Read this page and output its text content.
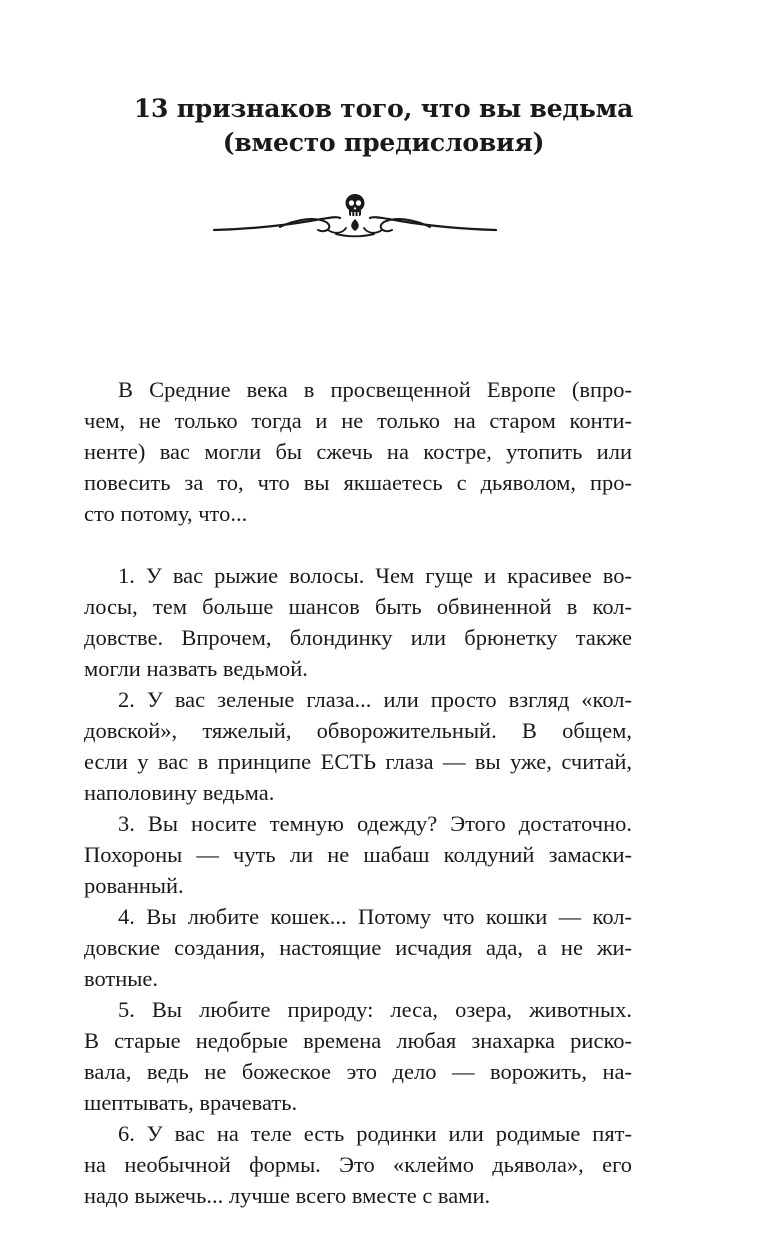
13 признаков того, что вы ведьма
(вместо предисловия)
В Средние века в просвещенной Европе (впро-
чем, не только тогда и не только на старом конти-
ненте) вас могли бы сжечь на костре, утопить или
повесить за то, что вы якшаетесь с дьяволом, про-
сто потому, что...
1. У вас рыжие волосы. Чем гуще и красивее во-
лосы, тем больше шансов быть обвиненной в кол-
довстве. Впрочем, блондинку или брюнетку также
могли назвать ведьмой.
2. У вас зеленые глаза... или просто взгляд «кол-
довской», тяжелый, обворожительный. В общем,
если у вас в принципе ЕСТЬ глаза — вы уже, считай,
наполовину ведьма.
3. Вы носите темную одежду? Этого достаточно.
Похороны — чуть ли не шабаш колдуний замаски-
рованный.
4. Вы любите кошек... Потому что кошки — кол-
довские создания, настоящие исчадия ада, а не жи-
вотные.
5. Вы любите природу: леса, озера, животных.
В старые недобрые времена любая знахарка риско-
вала, ведь не божеское это дело — ворожить, на-
шептывать, врачевать.
6. У вас на теле есть родинки или родимые пят-
на необычной формы. Это «клеймо дьявола», его
надо выжечь... лучше всего вместе с вами.
